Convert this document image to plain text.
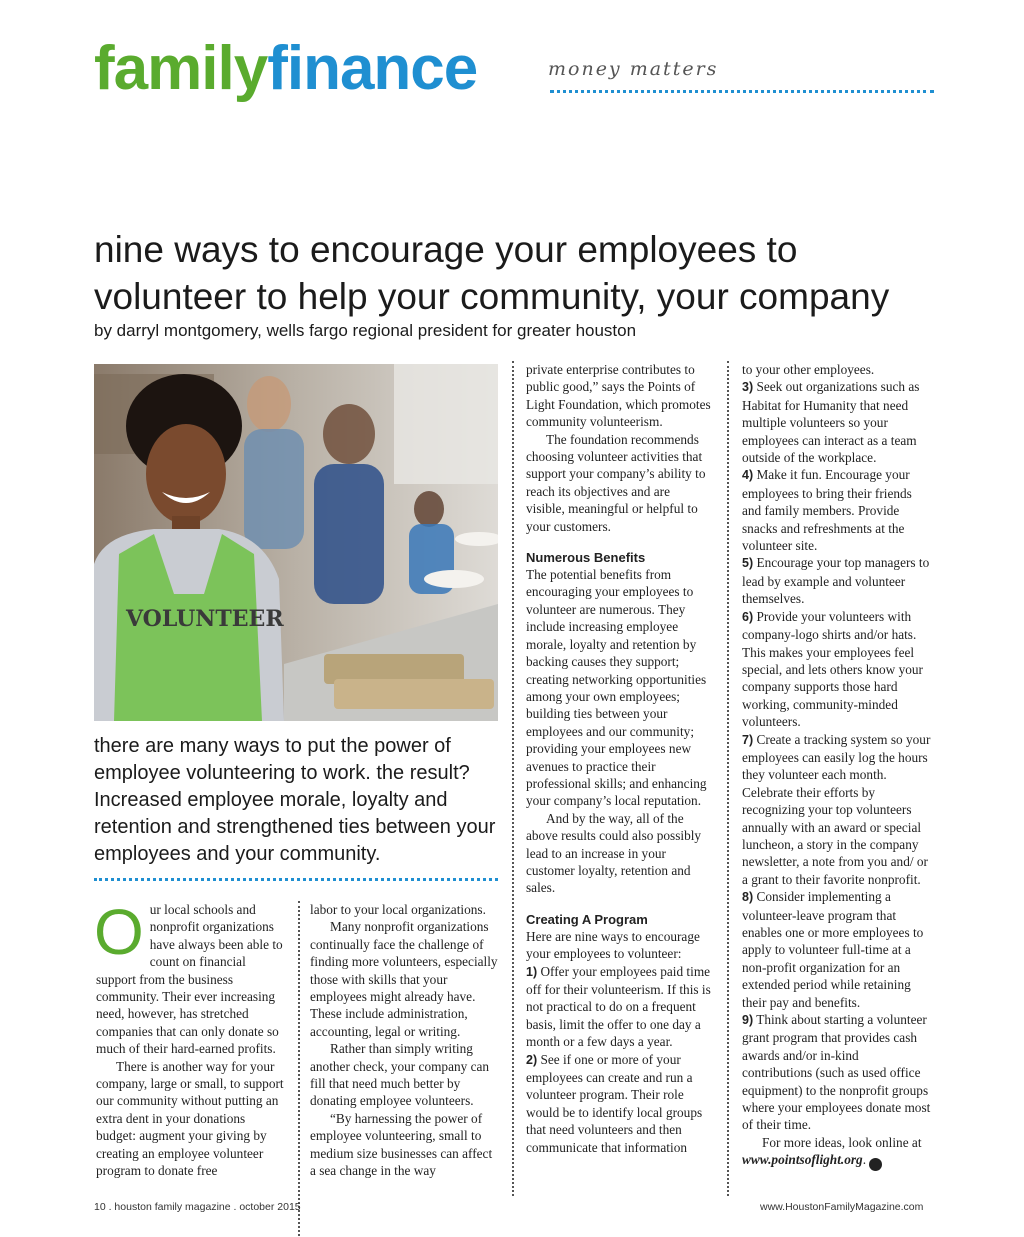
familyfinance	money matters
nine ways to encourage your employees to volunteer to help your community, your company
by darryl montgomery, wells fargo regional president for greater houston
VOLUNTEER
there are many ways to put the power of employee volunteering to work. the result? Increased employee morale, loyalty and retention and strengthened ties between your employees and your community.

Our local schools and nonprofit organizations have always been able to count on financial support from the business community. Their ever increasing need, however, has stretched companies that can only donate so much of their hard-earned profits.

There is another way for your company, large or small, to support our community without putting an extra dent in your donations budget: augment your giving by creating an employee volunteer program to donate free

labor to your local organizations.

Many nonprofit organizations continually face the challenge of finding more volunteers, especially those with skills that your employees might already have. These include administration, accounting, legal or writing.

Rather than simply writing another check, your company can fill that need much better by donating employee volunteers.

“By harnessing the power of employee volunteering, small to medium size businesses can affect a sea change in the way

private enterprise contributes to public good,” says the Points of Light Foundation, which promotes community volunteerism.

The foundation recommends choosing volunteer activities that support your company’s ability to reach its objectives and are visible, meaningful or helpful to your customers.

Numerous Benefits

The potential benefits from encouraging your employees to volunteer are numerous. They include increasing employee morale, loyalty and retention by backing causes they support; creating networking opportunities among your own employees; building ties between your employees and our community; providing your employees new avenues to practice their professional skills; and enhancing your company’s local reputation.

And by the way, all of the above results could also possibly lead to an increase in your customer loyalty, retention and sales.

Creating A Program

Here are nine ways to encourage your employees to volunteer:

1) Offer your employees paid time off for their volunteerism. If this is not practical to do on a frequent basis, limit the offer to one day a month or a few days a year.

2) See if one or more of your employees can create and run a volunteer program. Their role would be to identify local groups that need volunteers and then communicate that information

to your other employees.

3) Seek out organizations such as Habitat for Humanity that need multiple volunteers so your employees can interact as a team outside of the workplace.

4) Make it fun. Encourage your employees to bring their friends and family members. Provide snacks and refreshments at the volunteer site.

5) Encourage your top managers to lead by example and volunteer themselves.

6) Provide your volunteers with company-logo shirts and/or hats. This makes your employees feel special, and lets others know your company supports those hard working, community-minded volunteers.

7) Create a tracking system so your employees can easily log the hours they volunteer each month. Celebrate their efforts by recognizing your top volunteers annually with an award or special luncheon, a story in the company newsletter, a note from you and/ or a grant to their favorite nonprofit.

8) Consider implementing a volunteer-leave program that enables one or more employees to apply to volunteer full-time at a non-profit organization for an extended period while retaining their pay and benefits.

9) Think about starting a volunteer grant program that provides cash awards and/or in-kind contributions (such as used office equipment) to the nonprofit groups where your employees donate most of their time.

For more ideas, look online at www.pointsoflight.org.	HF

10 . houston family magazine . october 2015	www.HoustonFamilyMagazine.com
